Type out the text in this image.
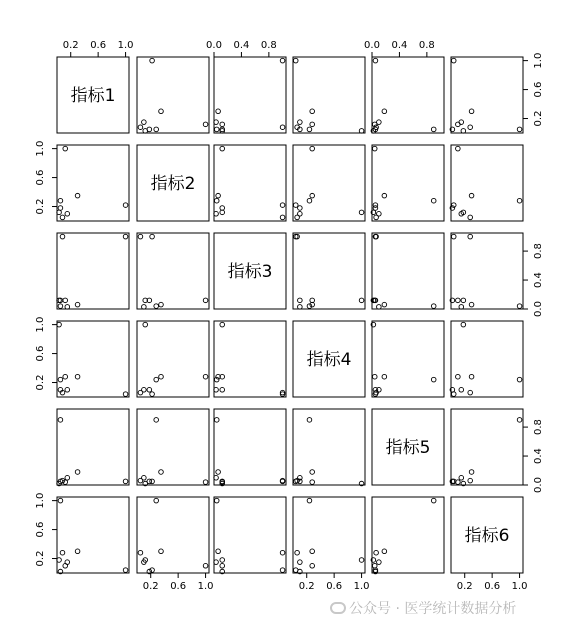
指标1
指标2
指标3
指标4
指标5
指标6
0.2 0.6 1.0
0.2 0.6 1.0
0.0 0.4 0.8
0.2 0.6 1.0
0.0 0.4 0.8
0.2 0.6 1.0
0.2
0.6
1.0
0.2
0.6
1.0
0.0
0.4
0.8
0.2
0.6
1.0
0.0
0.4
0.8
0.2
0.6
1.0
公众号 · 医学统计数据分析
